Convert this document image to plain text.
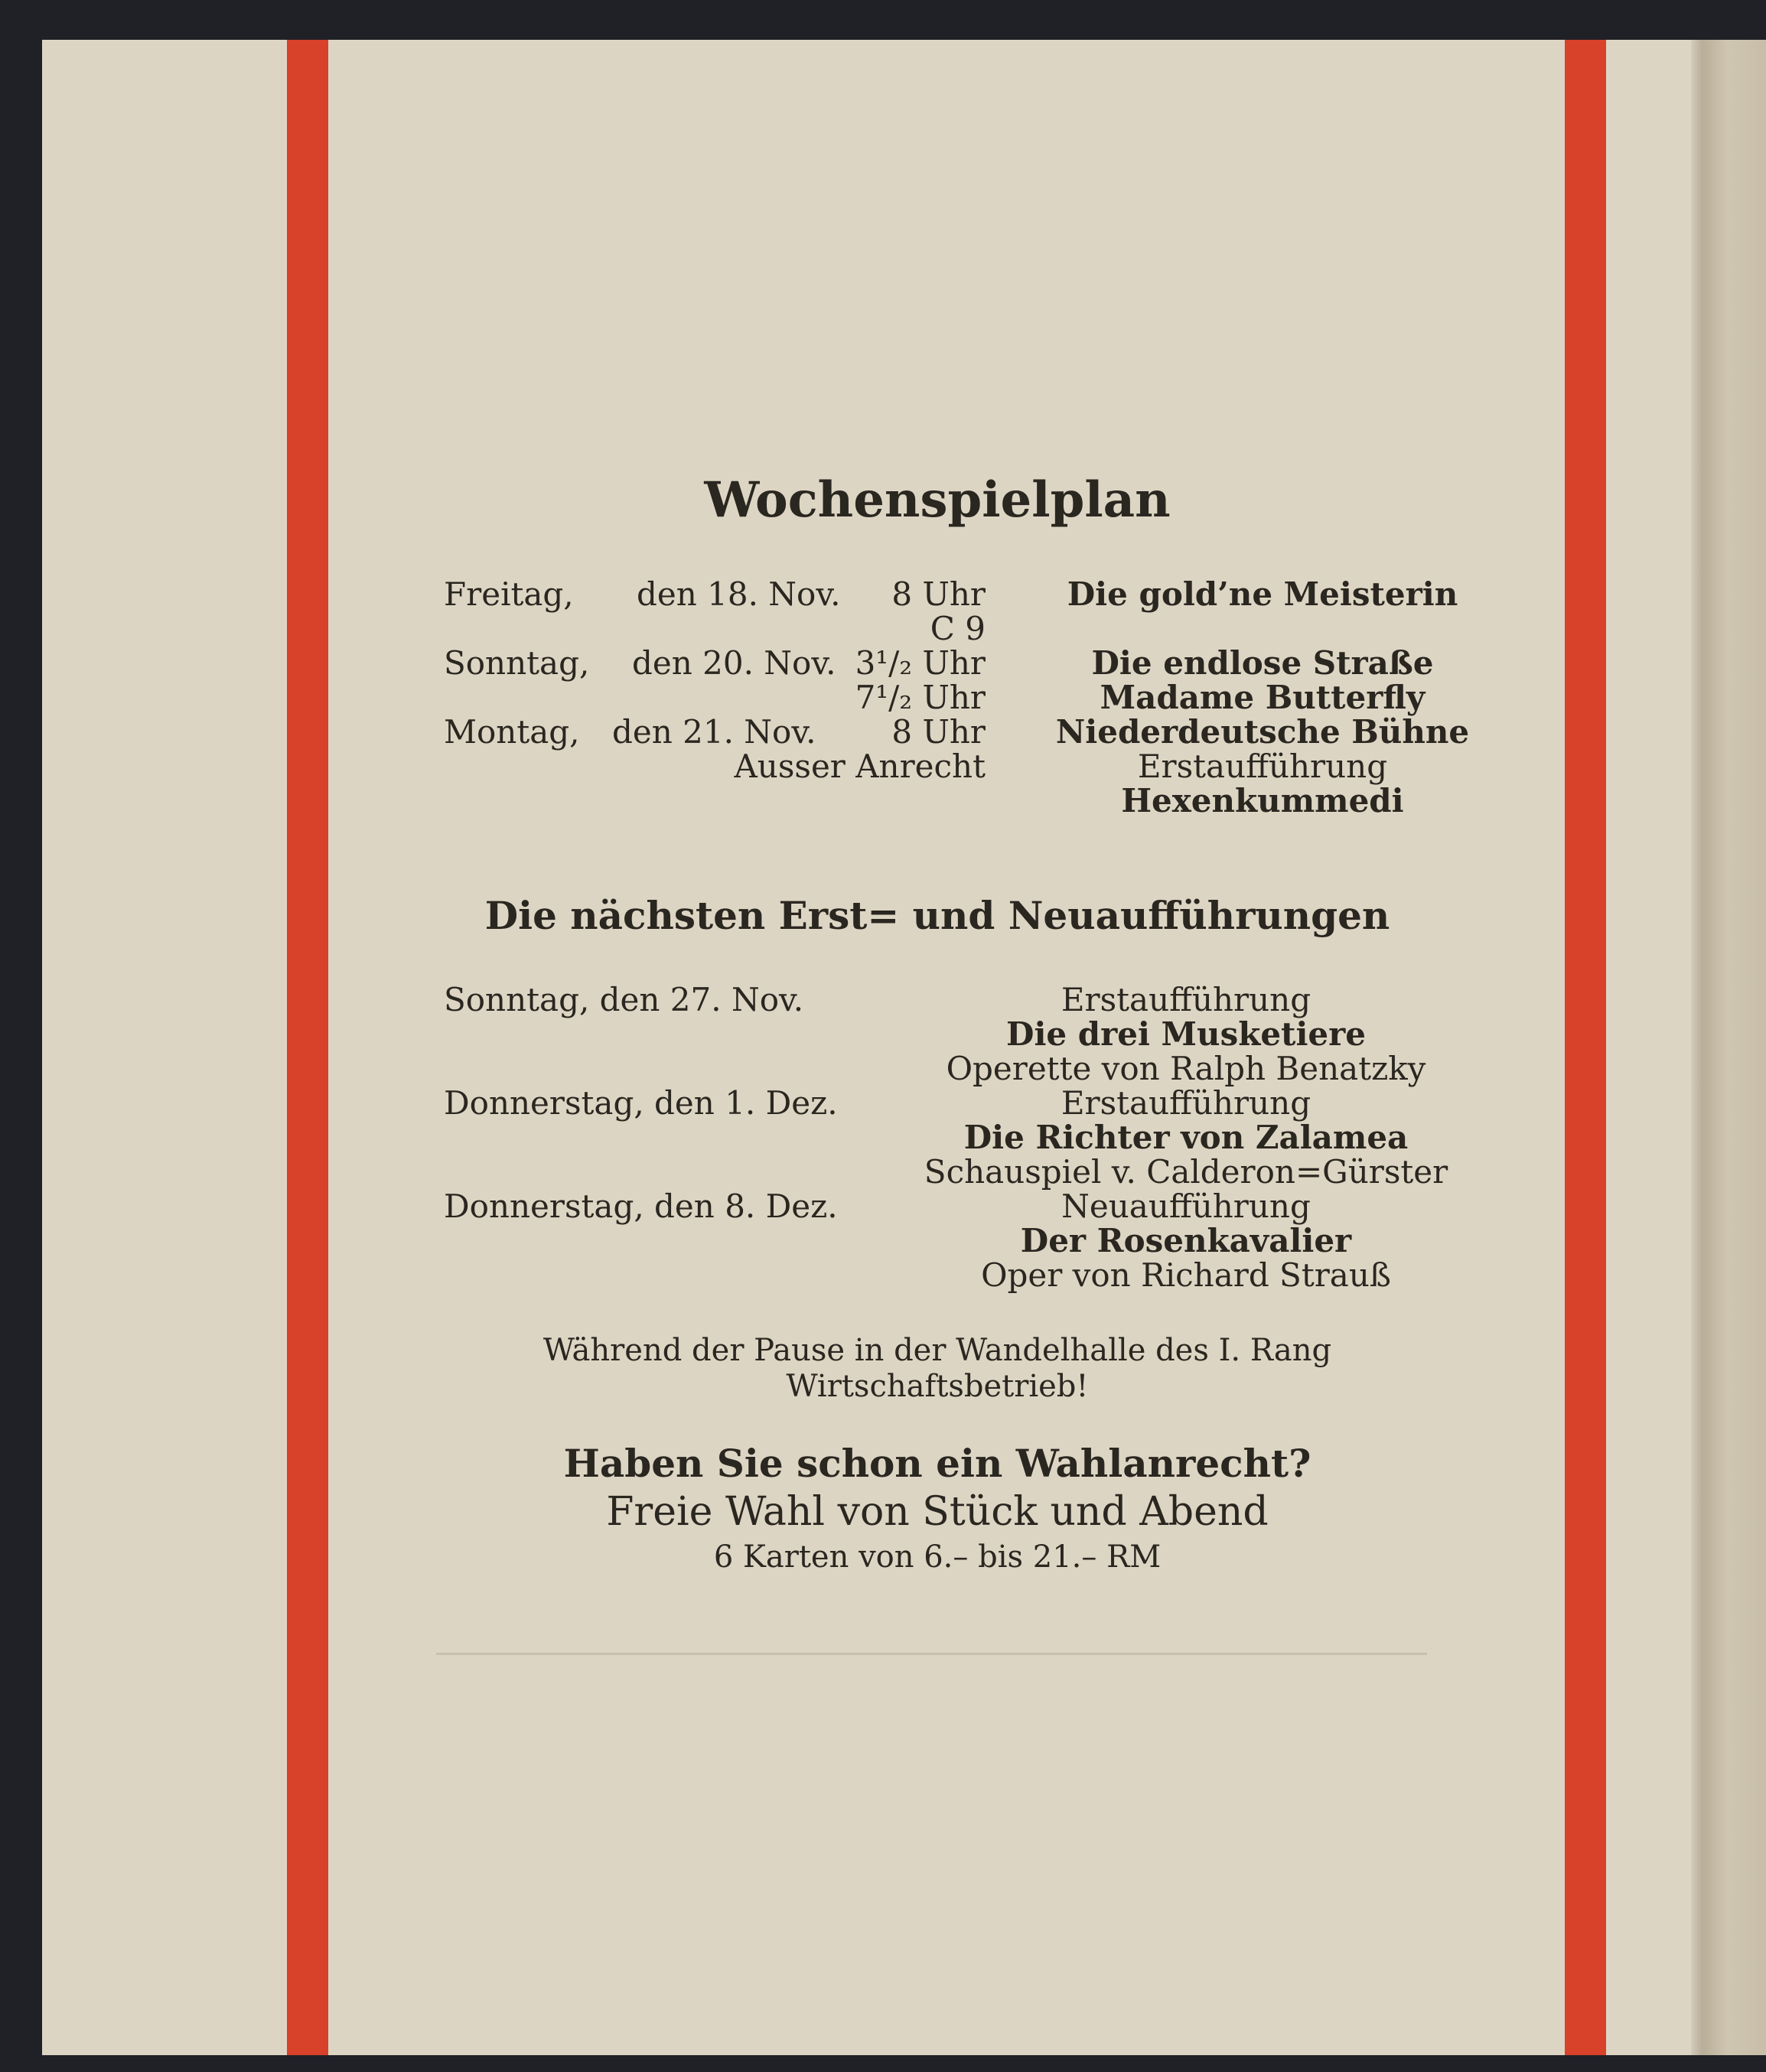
Wochenspielplan
Freitag,
Sonntag,
Montag,
den 18. Nov.
den 20. Nov.
den 21. Nov.
8 Uhr
C 9
3¹/₂ Uhr
7¹/₂ Uhr
8 Uhr
Ausser Anrecht
Die gold’ne Meisterin
Die endlose Straße
Madame Butterfly
Niederdeutsche Bühne
Erstaufführung
Hexenkummedi
Die nächsten Erst= und Neuaufführungen
Sonntag, den 27. Nov.
Donnerstag, den 1. Dez.
Donnerstag, den 8. Dez.
Erstaufführung
Die drei Musketiere
Operette von Ralph Benatzky
Erstaufführung
Die Richter von Zalamea
Schauspiel v. Calderon=Gürster
Neuaufführung
Der Rosenkavalier
Oper von Richard Strauß
Während der Pause in der Wandelhalle des I. Rang
Wirtschaftsbetrieb!
Haben Sie schon ein Wahlanrecht?
Freie Wahl von Stück und Abend
6 Karten von 6.– bis 21.– RM
